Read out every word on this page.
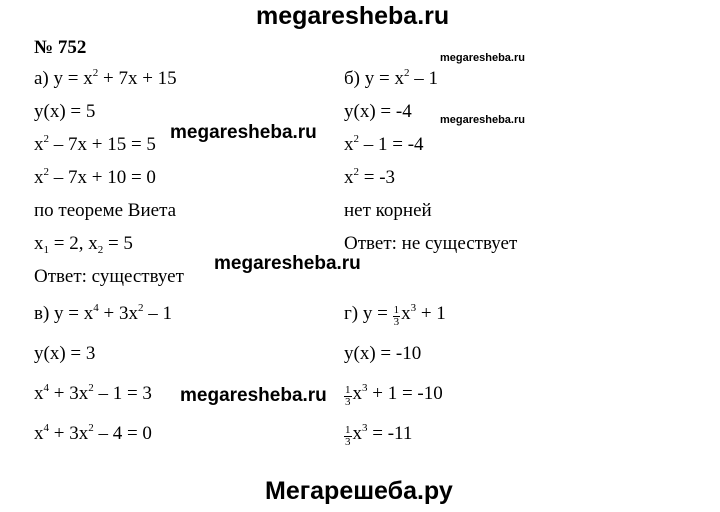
megaresheba.ru
megaresheba.ru
megaresheba.ru
megaresheba.ru
megaresheba.ru
megaresheba.ru
Мегарешеба.ру
№ 752
а) $y = x^2 + 7x + 15$
y(x) = 5
$x^2 - 7x + 15 = 5$
$x^2 - 7x + 10 = 0$
по теореме Виета
$x_1 = 2$, $x_2 = 5$
Ответ: существует
б) $y = x^2 - 1$
y(x) = -4
$x^2 - 1 = -4$
$x^2 = -3$
нет корней
Ответ: не существует
в) $y = x^4 + 3x^2 - 1$
y(x) = 3
$x^4 + 3x^2 - 1 = 3$
$x^4 + 3x^2 - 4 = 0$
г) $y = \frac{1}{3} x^3 + 1$
y(x) = -10
$\frac{1}{3} x^3 + 1 = -10$
$\frac{1}{3} x^3 = -11$
